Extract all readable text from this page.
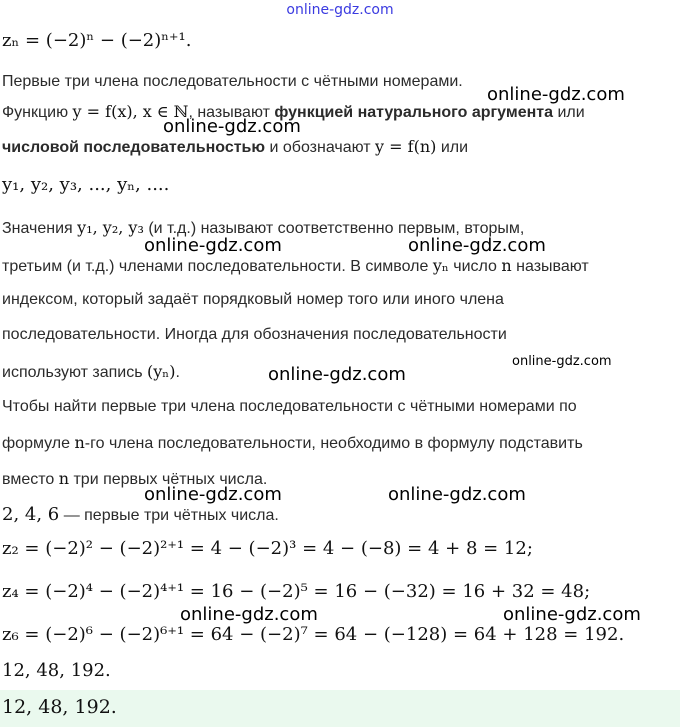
online-gdz.com
zₙ = (−2)ⁿ − (−2)ⁿ⁺¹.
Первые три члена последовательности с чётными номерами.
Функцию y = f(x), x ∈ ℕ, называют функцией натурального аргумента или
числовой последовательностью и обозначают y = f(n) или
y₁, y₂, y₃, ..., yₙ, ....
Значения y₁, y₂, y₃ (и т.д.) называют соответственно первым, вторым,
третьим (и т.д.) членами последовательности. В символе yₙ число n называют
индексом, который задаёт порядковый номер того или иного члена
последовательности. Иногда для обозначения последовательности
используют запись (yₙ).
Чтобы найти первые три члена последовательности с чётными номерами по
формуле n-го члена последовательности, необходимо в формулу подставить
вместо n три первых чётных числа.
2, 4, 6 — первые три чётных числа.
z₂ = (−2)² − (−2)²⁺¹ = 4 − (−2)³ = 4 − (−8) = 4 + 8 = 12;
z₄ = (−2)⁴ − (−2)⁴⁺¹ = 16 − (−2)⁵ = 16 − (−32) = 16 + 32 = 48;
z₆ = (−2)⁶ − (−2)⁶⁺¹ = 64 − (−2)⁷ = 64 − (−128) = 64 + 128 = 192.
12, 48, 192.
12, 48, 192.
online-gdz.com
online-gdz.com
online-gdz.com	online-gdz.com
online-gdz.com
online-gdz.com
online-gdz.com	online-gdz.com
online-gdz.com	online-gdz.com
